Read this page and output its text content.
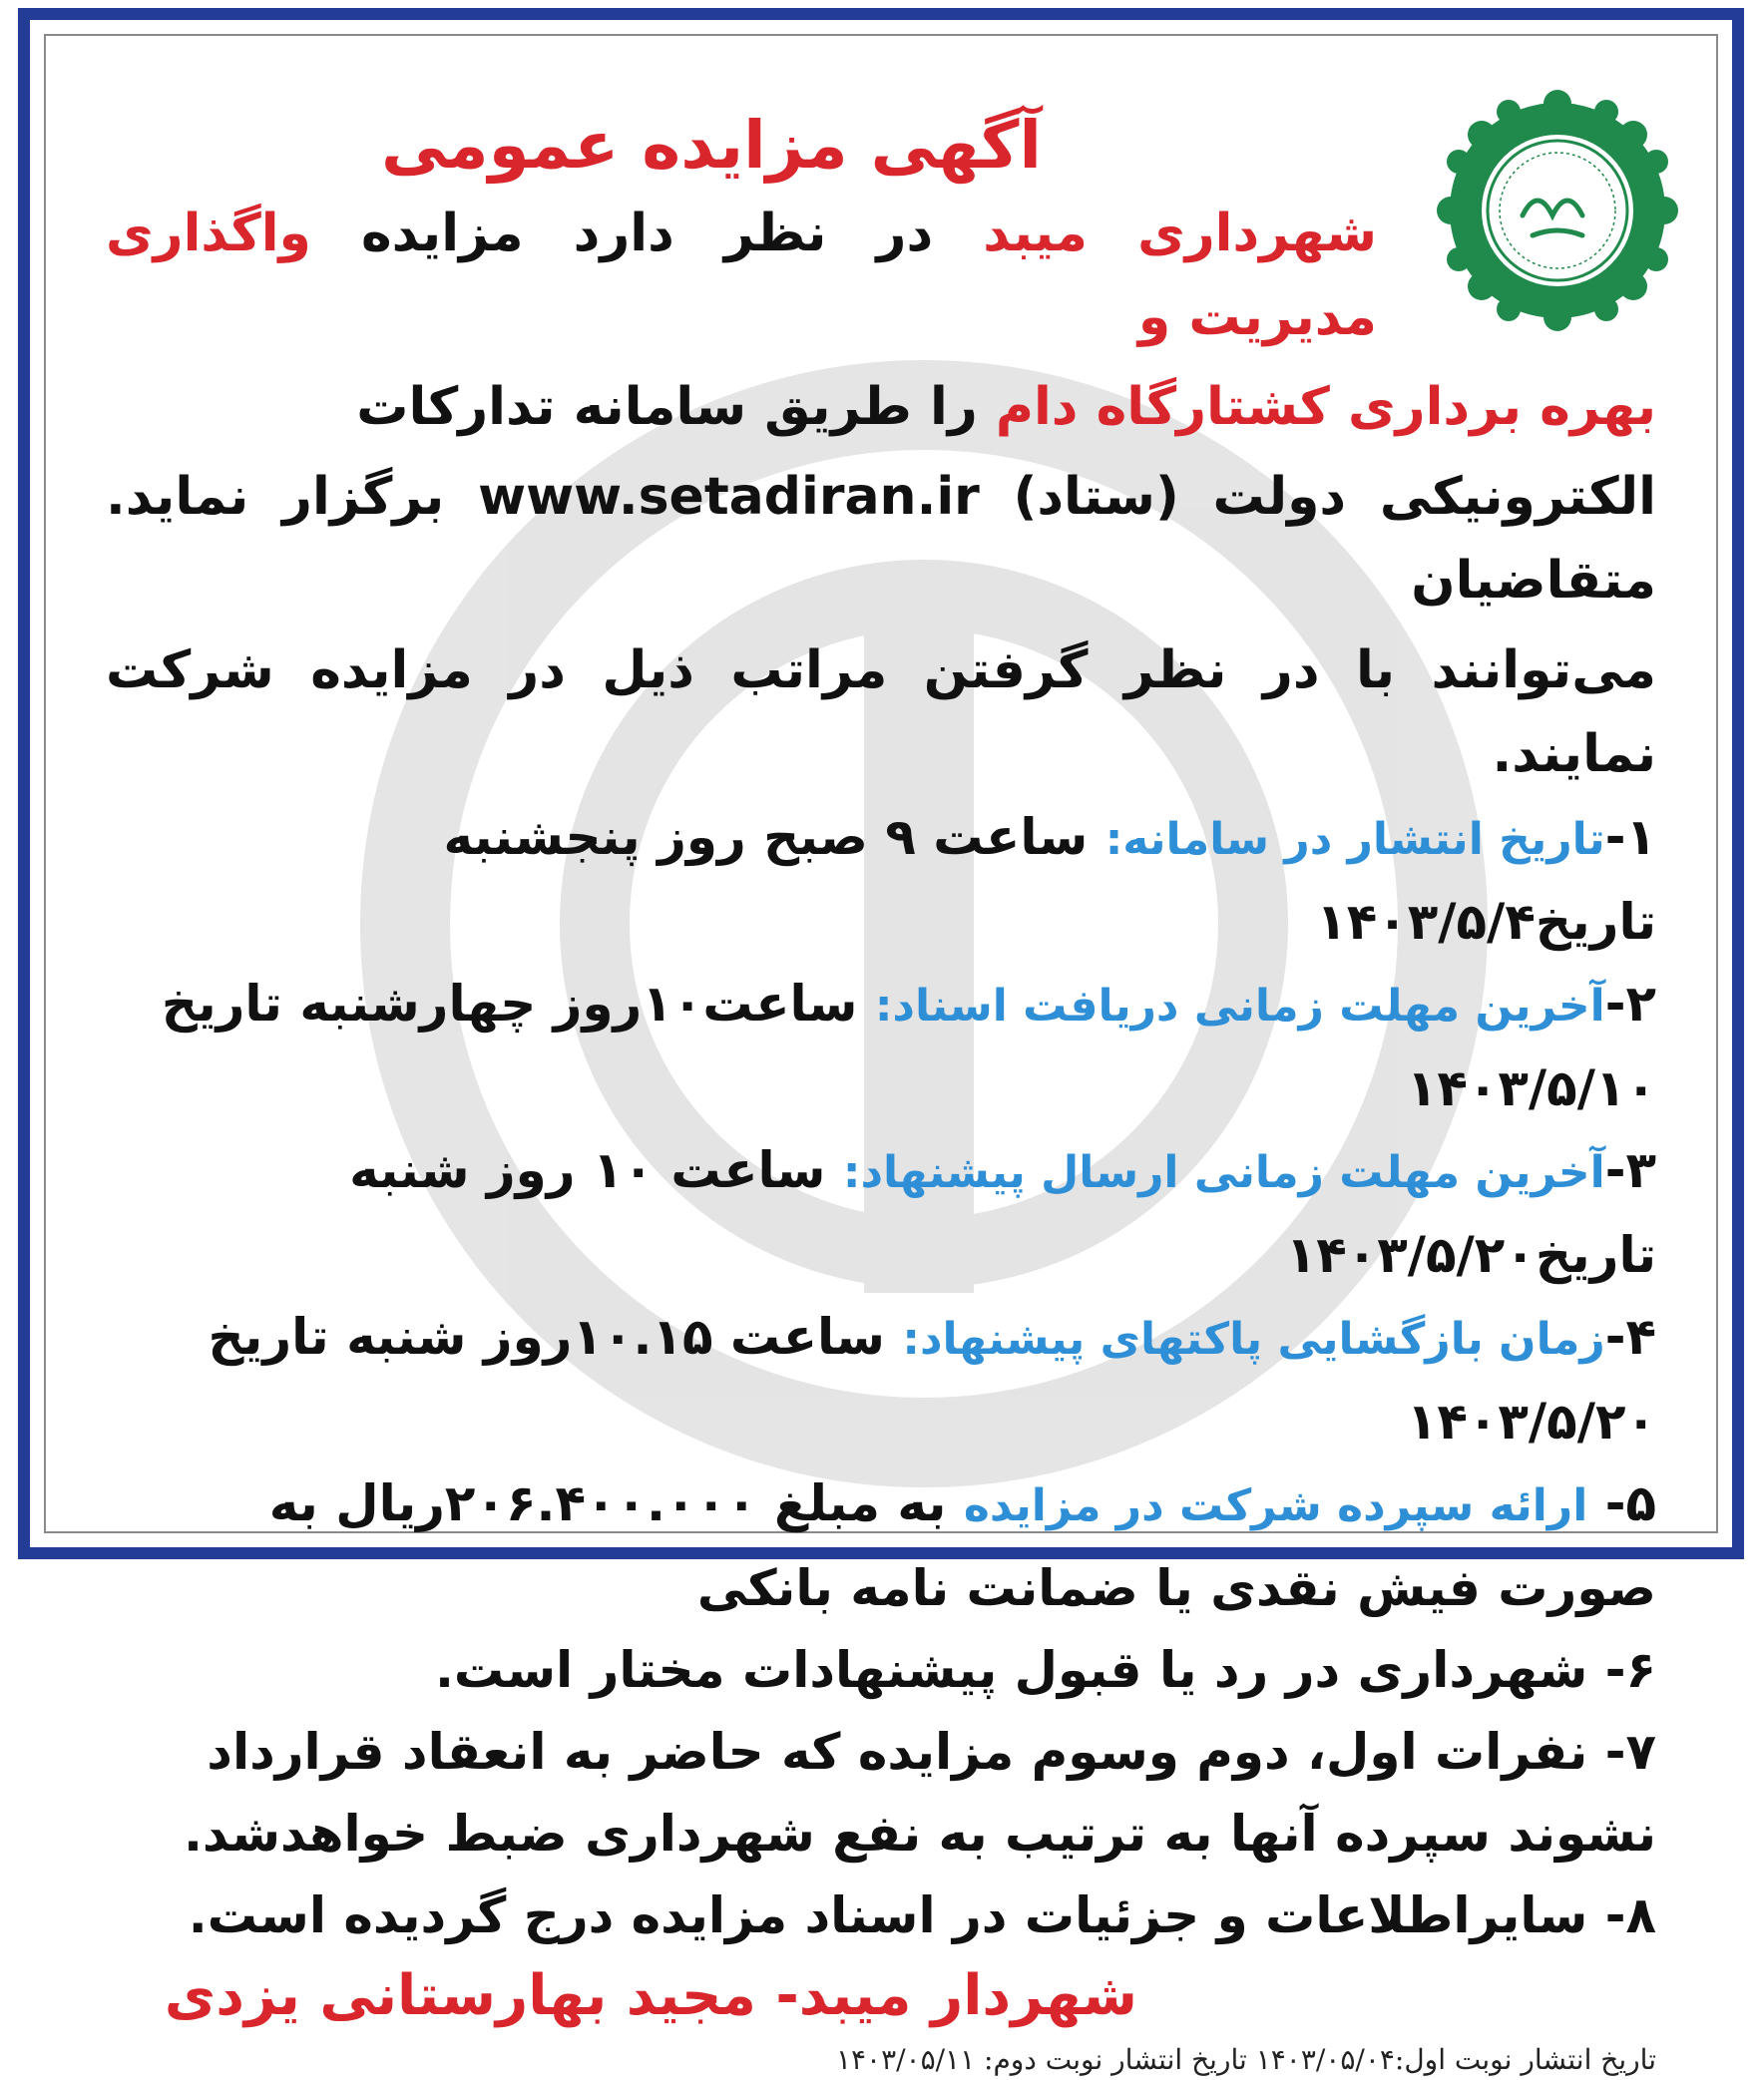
آگهی مزایده عمومی
شهرداری میبد در نظر دارد مزایده واگذاری مدیریت و
بهره برداری کشتارگاه دام را طریق سامانه تدارکات
الکترونیکی دولت (ستاد) www.setadiran.ir برگزار نماید. متقاضیان
می‌توانند با در نظر گرفتن مراتب ذیل در مزایده شرکت نمایند.
۱-تاریخ انتشار در سامانه: ساعت ۹ صبح روز پنجشنبه تاریخ۱۴۰۳/۵/۴
۲-آخرین مهلت زمانی دریافت اسناد: ساعت۱۰روز چهارشنبه تاریخ ۱۴۰۳/۵/۱۰
۳-آخرین مهلت زمانی ارسال پیشنهاد: ساعت ۱۰ روز شنبه تاریخ۱۴۰۳/۵/۲۰
۴-زمان بازگشایی پاکتهای پیشنهاد: ساعت ۱۰.۱۵روز شنبه تاریخ ۱۴۰۳/۵/۲۰
۵- ارائه سپرده شرکت در مزایده به مبلغ ۲۰۶.۴۰۰.۰۰۰ریال به صورت فیش نقدی یا ضمانت نامه بانکی
۶- شهرداری در رد یا قبول پیشنهادات مختار است.
۷- نفرات اول، دوم وسوم مزایده که حاضر به انعقاد قرارداد نشوند سپرده آنها به ترتیب به نفع شهرداری ضبط خواهدشد.
۸- سایراطلاعات و جزئیات در اسناد مزایده درج گردیده است.
شهردار میبد- مجید بهارستانی یزدی
تاریخ انتشار نوبت اول:۱۴۰۳/۰۵/۰۴ تاریخ انتشار نوبت دوم: ۱۴۰۳/۰۵/۱۱
